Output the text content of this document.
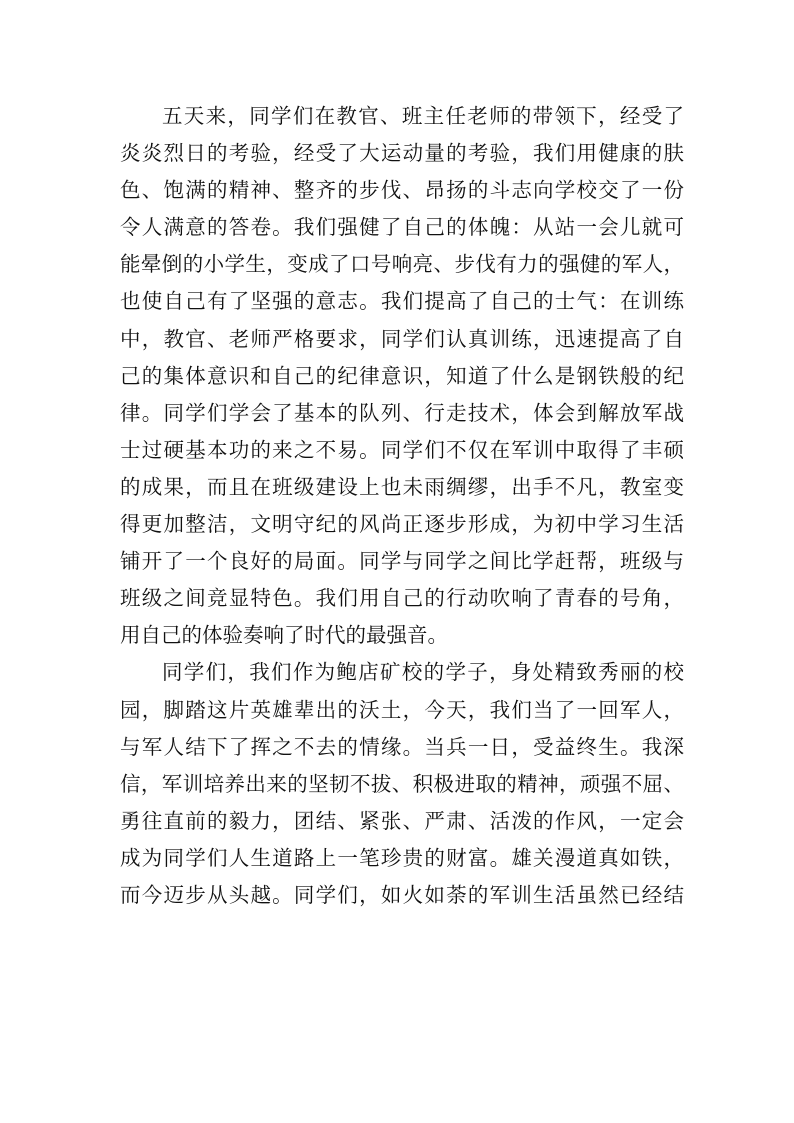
五天来，同学们在教官、班主任老师的带领下，经受了
炎炎烈日的考验，经受了大运动量的考验，我们用健康的肤
色、饱满的精神、整齐的步伐、昂扬的斗志向学校交了一份
令人满意的答卷。我们强健了自己的体魄：从站一会儿就可
能晕倒的小学生，变成了口号响亮、步伐有力的强健的军人，
也使自己有了坚强的意志。我们提高了自己的士气：在训练
中，教官、老师严格要求，同学们认真训练，迅速提高了自
己的集体意识和自己的纪律意识，知道了什么是钢铁般的纪
律。同学们学会了基本的队列、行走技术，体会到解放军战
士过硬基本功的来之不易。同学们不仅在军训中取得了丰硕
的成果，而且在班级建设上也未雨绸缪，出手不凡，教室变
得更加整洁，文明守纪的风尚正逐步形成，为初中学习生活
铺开了一个良好的局面。同学与同学之间比学赶帮，班级与
班级之间竞显特色。我们用自己的行动吹响了青春的号角，
用自己的体验奏响了时代的最强音。
同学们，我们作为鲍店矿校的学子，身处精致秀丽的校
园，脚踏这片英雄辈出的沃土，今天，我们当了一回军人，
与军人结下了挥之不去的情缘。当兵一日，受益终生。我深
信，军训培养出来的坚韧不拔、积极进取的精神，顽强不屈、
勇往直前的毅力，团结、紧张、严肃、活泼的作风，一定会
成为同学们人生道路上一笔珍贵的财富。雄关漫道真如铁，
而今迈步从头越。同学们，如火如荼的军训生活虽然已经结
